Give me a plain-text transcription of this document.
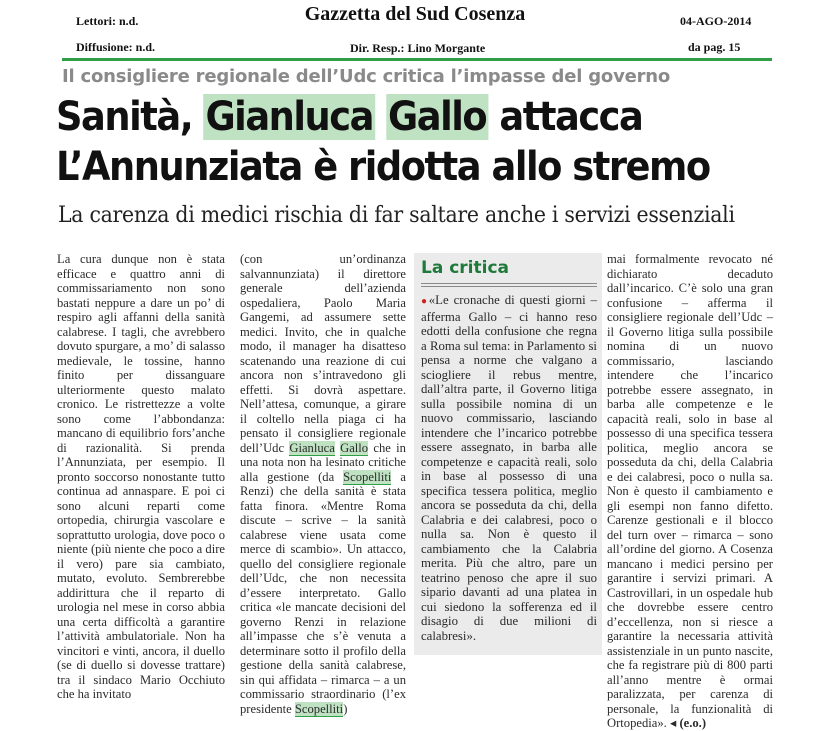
Lettori: n.d.
Diffusione: n.d.
Gazzetta del Sud Cosenza
Dir. Resp.: Lino Morgante
04-AGO-2014
da pag. 15
Il consigliere regionale dell’Udc critica l’impasse del governo
Sanità, Gianluca Gallo attacca
L’Annunziata è ridotta allo stremo
La carenza di medici rischia di far saltare anche i servizi essenziali

La cura dunque non è stata efficace e quattro anni di commissariamento non sono bastati neppure a dare un po’ di respiro agli affanni della sanità calabrese. I tagli, che avrebbero dovuto spurgare, a mo’ di salasso medievale, le tossine, hanno finito per dissanguare ulteriormente questo malato cronico. Le ristrettezze a volte sono come l’abbondanza: mancano di equilibrio fors’anche di razionalità. Si prenda l’Annunziata, per esempio. Il pronto soccorso nonostante tutto continua ad annaspare. E poi ci sono alcuni reparti come ortopedia, chirurgia vascolare e soprattutto urologia, dove poco o niente (più niente che poco a dire il vero) pare sia cambiato, mutato, evoluto. Sembrerebbe addirittura che il reparto di urologia nel mese in corso abbia una certa difficoltà a garantire l’attività ambulatoriale. Non ha vincitori e vinti, ancora, il duello (se di duello si dovesse trattare) tra il sindaco Mario Occhiuto che ha invitato

(con un’ordinanza salvannunziata) il direttore generale dell’azienda ospedaliera, Paolo Maria Gangemi, ad assumere sette medici. Invito, che in qualche modo, il manager ha disatteso scatenando una reazione di cui ancora non s’intravedono gli effetti. Si dovrà aspettare. Nell’attesa, comunque, a girare il coltello nella piaga ci ha pensato il consigliere regionale dell’Udc Gianluca Gallo che in una nota non ha lesinato critiche alla gestione (da Scopelliti a Renzi) che della sanità è stata fatta finora. «Mentre Roma discute – scrive – la sanità calabrese viene usata come merce di scambio». Un attacco, quello del consigliere regionale dell’Udc, che non necessita d’essere interpretato. Gallo critica «le mancate decisioni del governo Renzi in relazione all’impasse che s’è venuta a determinare sotto il profilo della gestione della sanità calabrese, sin qui affidata – rimarca – a un commissario straordinario (l’ex presidente Scopelliti)

La critica
●«Le cronache di questi giorni – afferma Gallo – ci hanno reso edotti della confusione che regna a Roma sul tema: in Parlamento si pensa a norme che valgano a sciogliere il rebus mentre, dall’altra parte, il Governo litiga sulla possibile nomina di un nuovo commissario, lasciando intendere che l’incarico potrebbe essere assegnato, in barba alle competenze e capacità reali, solo in base al possesso di una specifica tessera politica, meglio ancora se posseduta da chi, della Calabria e dei calabresi, poco o nulla sa. Non è questo il cambiamento che la Calabria merita. Più che altro, pare un teatrino penoso che apre il suo sipario davanti ad una platea in cui siedono la sofferenza ed il disagio di due milioni di calabresi».

mai formalmente revocato né dichiarato decaduto dall’incarico. C’è solo una gran confusione – afferma il consigliere regionale dell’Udc – il Governo litiga sulla possibile nomina di un nuovo commissario, lasciando intendere che l’incarico potrebbe essere assegnato, in barba alle competenze e le capacità reali, solo in base al possesso di una specifica tessera politica, meglio ancora se posseduta da chi, della Calabria e dei calabresi, poco o nulla sa. Non è questo il cambiamento e gli esempi non fanno difetto. Carenze gestionali e il blocco del turn over – rimarca – sono all’ordine del giorno. A Cosenza mancano i medici persino per garantire i servizi primari. A Castrovillari, in un ospedale hub che dovrebbe essere centro d’eccellenza, non si riesce a garantire la necessaria attività assistenziale in un punto nascite, che fa registrare più di 800 parti all’anno mentre è ormai paralizzata, per carenza di personale, la funzionalità di Ortopedia». ◂ (e.o.)
